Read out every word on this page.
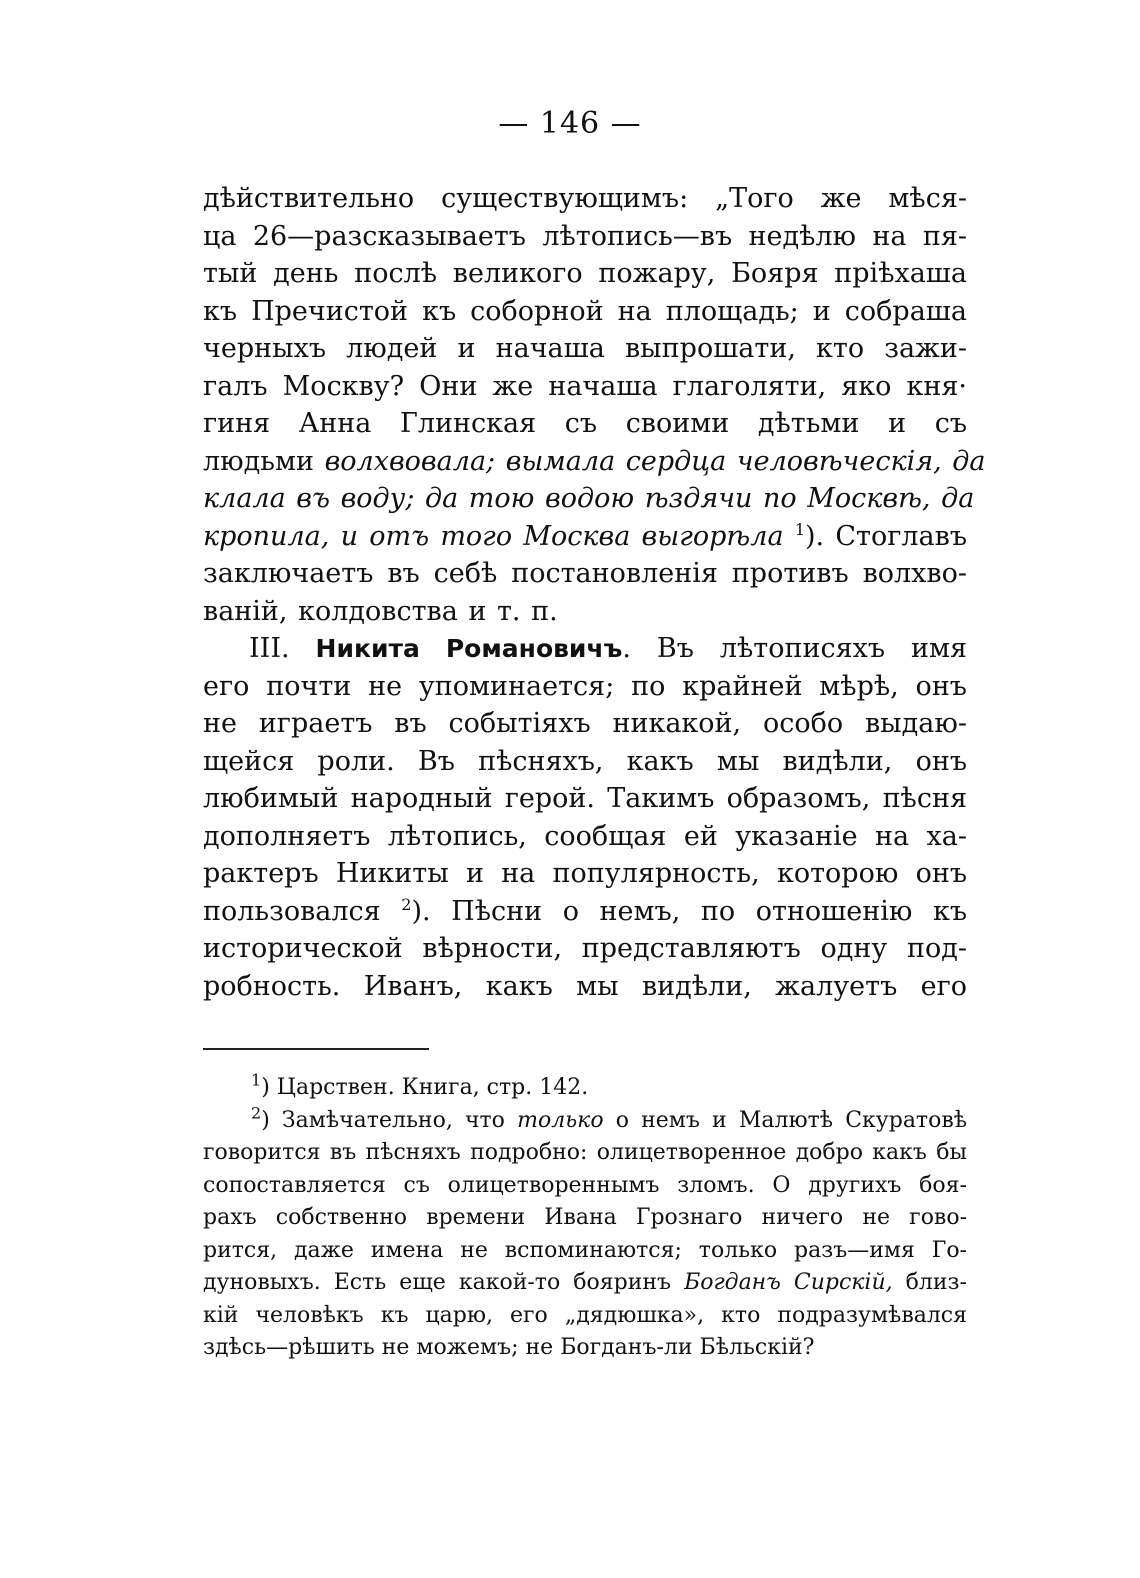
— 146 —
дѣйствительно существующимъ: „Того же мѣся-
ца 26—разсказываетъ лѣтопись—въ недѣлю на пя-
тый день послѣ великого пожару, Бояря пріѣхаша
къ Пречистой къ соборной на площадь; и собраша
черныхъ людей и начаша выпрошати, кто зажи-
галъ Москву? Они же начаша глаголяти, яко кня·
гиня Анна Глинская съ своими дѣтьми и съ
людьми волхвовала; вымала сердца человѣческія, да
клала въ воду; да тою водою ѣздячи по Москвѣ, да
кропила, и отъ того Москва выгорѣла $^1$). Стоглавъ
заключаетъ въ себѣ постановленія противъ волхво-
ваній, колдовства и т. п.
III. Никита Романовичъ. Въ лѣтописяхъ имя
его почти не упоминается; по крайней мѣрѣ, онъ
не играетъ въ событіяхъ никакой, особо выдаю-
щейся роли. Въ пѣсняхъ, какъ мы видѣли, онъ
любимый народный герой. Такимъ образомъ, пѣсня
дополняетъ лѣтопись, сообщая ей указаніе на ха-
рактеръ Никиты и на популярность, которою онъ
пользовался $^2$). Пѣсни о немъ, по отношенію къ
исторической вѣрности, представляютъ одну под-
робность. Иванъ, какъ мы видѣли, жалуетъ его
$^1$) Царствен. Книга, стр. 142.
$^2$) Замѣчательно, что только о немъ и Малютѣ Скуратовѣ
говорится въ пѣсняхъ подробно: олицетворенное добро какъ бы
сопоставляется съ олицетвореннымъ зломъ. О другихъ боя-
рахъ собственно времени Ивана Грознаго ничего не гово-
рится, даже имена не вспоминаются; только разъ—имя Го-
дуновыхъ. Есть еще какой-то бояринъ Богданъ Сирскій, близ-
кій человѣкъ къ царю, его „дядюшка», кто подразумѣвался
здѣсь—рѣшить не можемъ; не Богданъ-ли Бѣльскій?
